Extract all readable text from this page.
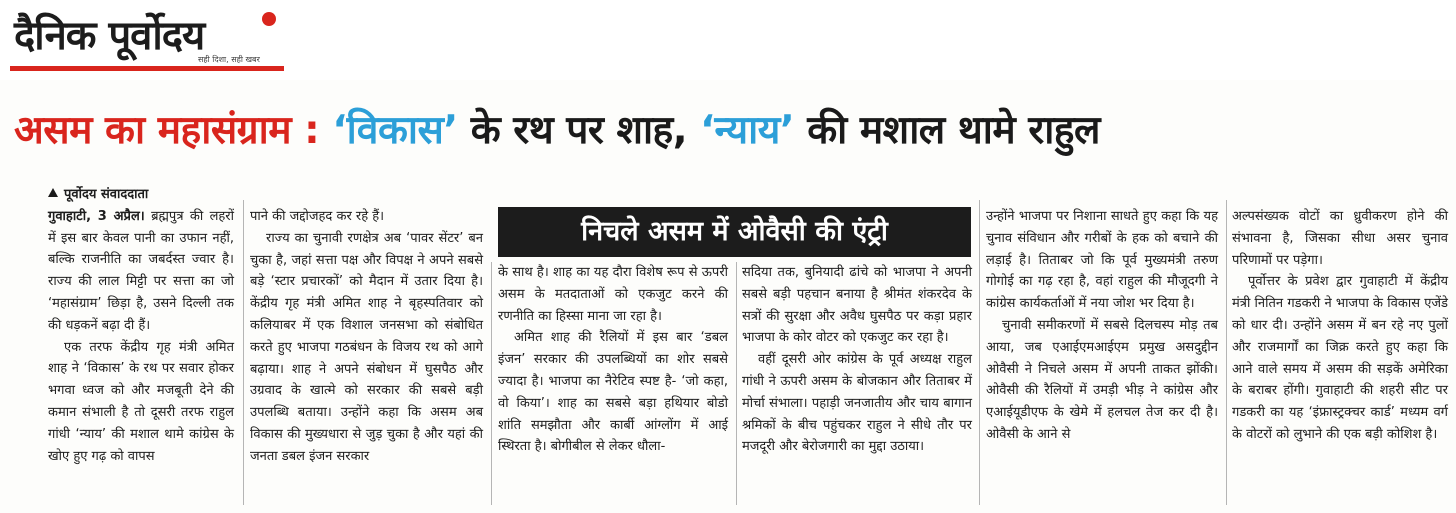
दैनिक पूर्वोदय
सही दिशा, सही खबर
असम का महासंग्राम : ‘विकास’ के रथ पर शाह, ‘न्याय’ की मशाल थामे राहुल
निचले असम में ओवैसी की एंट्री

पूर्वोदय संवाददाता

गुवाहाटी, 3 अप्रैल। ब्रह्मपुत्र की लहरों में इस बार केवल पानी का उफान नहीं, बल्कि राजनीति का जबर्दस्त ज्वार है। राज्य की लाल मिट्टी पर सत्ता का जो ‘महासंग्राम’ छिड़ा है, उसने दिल्ली तक की धड़कनें बढ़ा दी हैं।

एक तरफ केंद्रीय गृह मंत्री अमित शाह ने ‘विकास’ के रथ पर सवार होकर भगवा ध्वज को और मजबूती देने की कमान संभाली है तो दूसरी तरफ राहुल गांधी ‘न्याय’ की मशाल थामे कांग्रेस के खोए हुए गढ़ को वापस

पाने की जद्दोजहद कर रहे हैं।

राज्य का चुनावी रणक्षेत्र अब ‘पावर सेंटर’ बन चुका है, जहां सत्ता पक्ष और विपक्ष ने अपने सबसे बड़े ‘स्टार प्रचारकों’ को मैदान में उतार दिया है। केंद्रीय गृह मंत्री अमित शाह ने बृहस्पतिवार को कलियाबर में एक विशाल जनसभा को संबोधित करते हुए भाजपा गठबंधन के विजय रथ को आगे बढ़ाया। शाह ने अपने संबोधन में घुसपैठ और उग्रवाद के खात्मे को सरकार की सबसे बड़ी उपलब्धि बताया। उन्होंने कहा कि असम अब विकास की मुख्यधारा से जुड़ चुका है और यहां की जनता डबल इंजन सरकार

के साथ है। शाह का यह दौरा विशेष रूप से ऊपरी असम के मतदाताओं को एकजुट करने की रणनीति का हिस्सा माना जा रहा है।

अमित शाह की रैलियों में इस बार ‘डबल इंजन’ सरकार की उपलब्धियों का शोर सबसे ज्यादा है। भाजपा का नैरेटिव स्पष्ट है- ‘जो कहा, वो किया’। शाह का सबसे बड़ा हथियार बोडो शांति समझौता और कार्बी आंग्लोंग में आई स्थिरता है। बोगीबील से लेकर धौला-

सदिया तक, बुनियादी ढांचे को भाजपा ने अपनी सबसे बड़ी पहचान बनाया है श्रीमंत शंकरदेव के सत्रों की सुरक्षा और अवैध घुसपैठ पर कड़ा प्रहार भाजपा के कोर वोटर को एकजुट कर रहा है।

वहीं दूसरी ओर कांग्रेस के पूर्व अध्यक्ष राहुल गांधी ने ऊपरी असम के बोजकान और तिताबर में मोर्चा संभाला। पहाड़ी जनजातीय और चाय बागान श्रमिकों के बीच पहुंचकर राहुल ने सीधे तौर पर मजदूरी और बेरोजगारी का मुद्दा उठाया।

उन्होंने भाजपा पर निशाना साधते हुए कहा कि यह चुनाव संविधान और गरीबों के हक को बचाने की लड़ाई है। तिताबर जो कि पूर्व मुख्यमंत्री तरुण गोगोई का गढ़ रहा है, वहां राहुल की मौजूदगी ने कांग्रेस कार्यकर्ताओं में नया जोश भर दिया है।

चुनावी समीकरणों में सबसे दिलचस्प मोड़ तब आया, जब एआईएमआईएम प्रमुख असदुद्दीन ओवैसी ने निचले असम में अपनी ताकत झोंकी। ओवैसी की रैलियों में उमड़ी भीड़ ने कांग्रेस और एआईयूडीएफ के खेमे में हलचल तेज कर दी है। ओवैसी के आने से

अल्पसंख्यक वोटों का ध्रुवीकरण होने की संभावना है, जिसका सीधा असर चुनाव परिणामों पर पड़ेगा।

पूर्वोत्तर के प्रवेश द्वार गुवाहाटी में केंद्रीय मंत्री नितिन गडकरी ने भाजपा के विकास एजेंडे को धार दी। उन्होंने असम में बन रहे नए पुलों और राजमार्गों का जिक्र करते हुए कहा कि आने वाले समय में असम की सड़कें अमेरिका के बराबर होंगी। गुवाहाटी की शहरी सीट पर गडकरी का यह ‘इंफ्रास्ट्रक्चर कार्ड’ मध्यम वर्ग के वोटरों को लुभाने की एक बड़ी कोशिश है।
